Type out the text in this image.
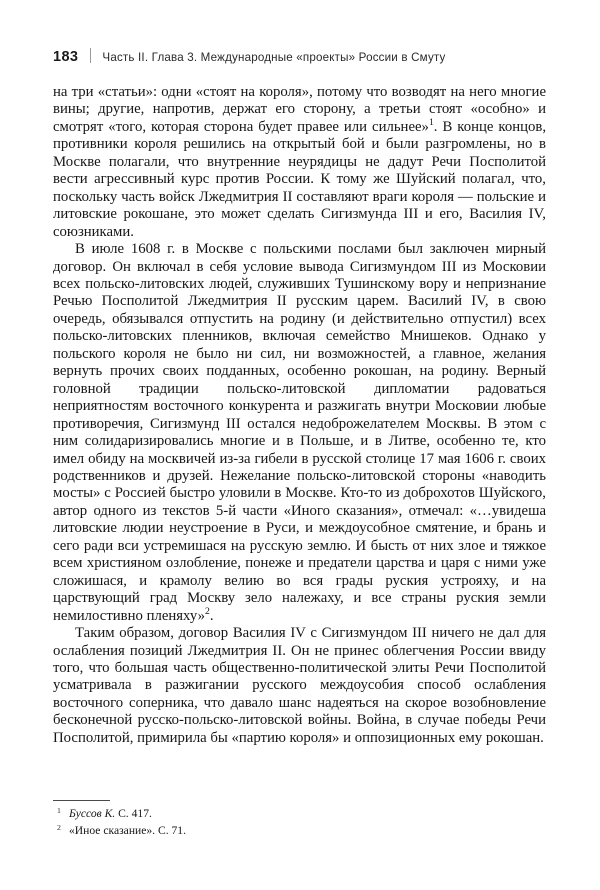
183 Часть II. Глава 3. Международные «проекты» России в Смуту

на три «статьи»: одни «стоят на короля», потому что возводят на него многие вины; другие, напротив, держат его сторону, а третьи стоят «особно» и смотрят «того, которая сторона будет правее или сильнее»$^1$. В конце концов, противники короля решились на открытый бой и были разгромлены, но в Москве полагали, что внутренние неурядицы не дадут Речи Посполитой вести агрессивный курс против России. К тому же Шуйский полагал, что, поскольку часть войск Лжедмитрия II составляют враги короля — польские и литовские рокошане, это может сделать Сигизмунда III и его, Василия IV, союзниками.

В июле 1608 г. в Москве с польскими послами был заключен мирный договор. Он включал в себя условие вывода Сигизмундом III из Московии всех польско-литовских людей, служивших Тушинскому вору и непризнание Речью Посполитой Лжедмитрия II русским царем. Василий IV, в свою очередь, обязывался отпустить на родину (и действительно отпустил) всех польско-литовских пленников, включая семейство Мнишеков. Однако у польского короля не было ни сил, ни возможностей, а главное, желания вернуть прочих своих подданных, особенно рокошан, на родину. Верный головной традиции польско-литовской дипломатии радоваться неприятностям восточного конкурента и разжигать внутри Московии любые противоречия, Сигизмунд III остался недоброжелателем Москвы. В этом с ним солидаризировались многие и в Польше, и в Литве, особенно те, кто имел обиду на москвичей из-за гибели в русской столице 17 мая 1606 г. своих родственников и друзей. Нежелание польско-литовской стороны «наводить мосты» с Россией быстро уловили в Москве. Кто-то из доброхотов Шуйского, автор одного из текстов 5-й части «Иного сказания», отмечал: «…увидеша литовские людии неустроение в Руси, и междоусобное смятение, и брань и сего ради вси устремишася на русскую землю. И бысть от них злое и тяжкое всем християном озлобление, понеже и предатели царства и царя с ними уже сложишася, и крамолу велию во вся грады руския устрояху, и на царствующий град Москву зело належаху, и все страны руския земли немилостивно пленяху»$^2$.

Таким образом, договор Василия IV с Сигизмундом III ничего не дал для ослабления позиций Лжедмитрия II. Он не принес облегчения России ввиду того, что большая часть общественно-политической элиты Речи Посполитой усматривала в разжигании русского междоусобия способ ослабления восточного соперника, что давало шанс надеяться на скорое возобновление бесконечной русско-польско-литовской войны. Война, в случае победы Речи Посполитой, примирила бы «партию короля» и оппозиционных ему рокошан.

1 Буссов К. С. 417.
2 «Иное сказание». С. 71.
